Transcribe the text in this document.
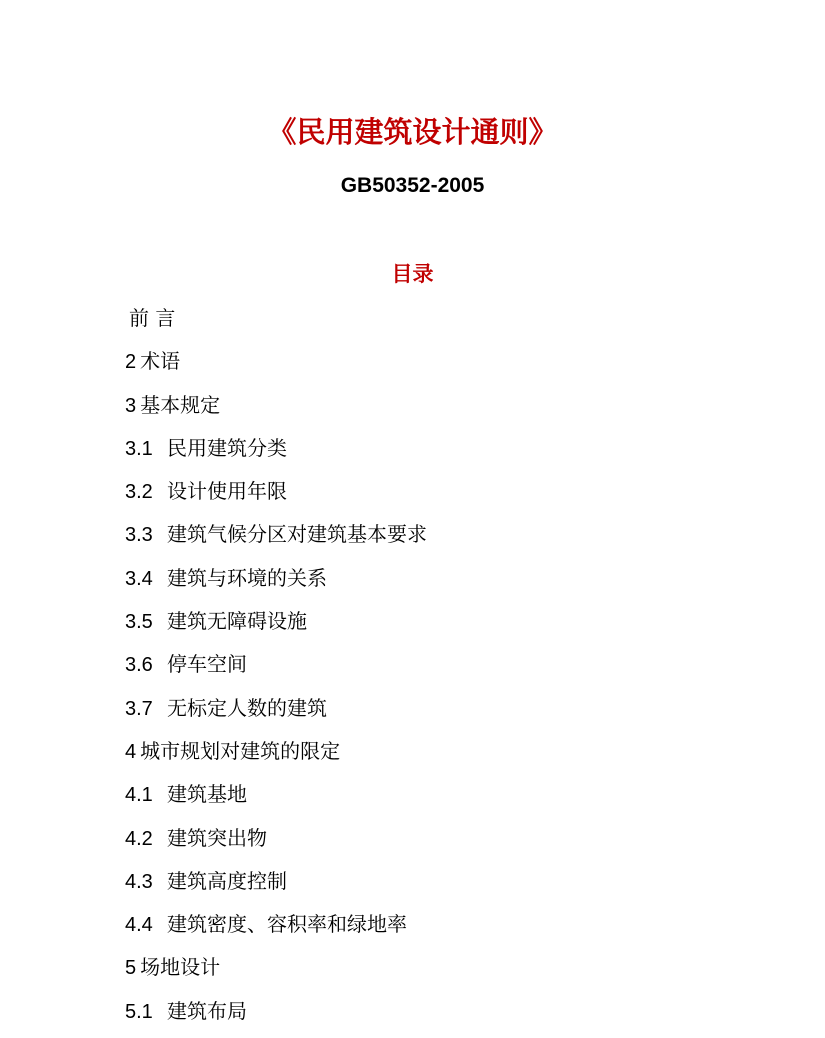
《民用建筑设计通则》
GB50352-2005
目录
前 言
2 术语
3 基本规定
3.1 民用建筑分类
3.2 设计使用年限
3.3 建筑气候分区对建筑基本要求
3.4 建筑与环境的关系
3.5 建筑无障碍设施
3.6 停车空间
3.7 无标定人数的建筑
4 城市规划对建筑的限定
4.1 建筑基地
4.2 建筑突出物
4.3 建筑高度控制
4.4 建筑密度、容积率和绿地率
5 场地设计
5.1 建筑布局
